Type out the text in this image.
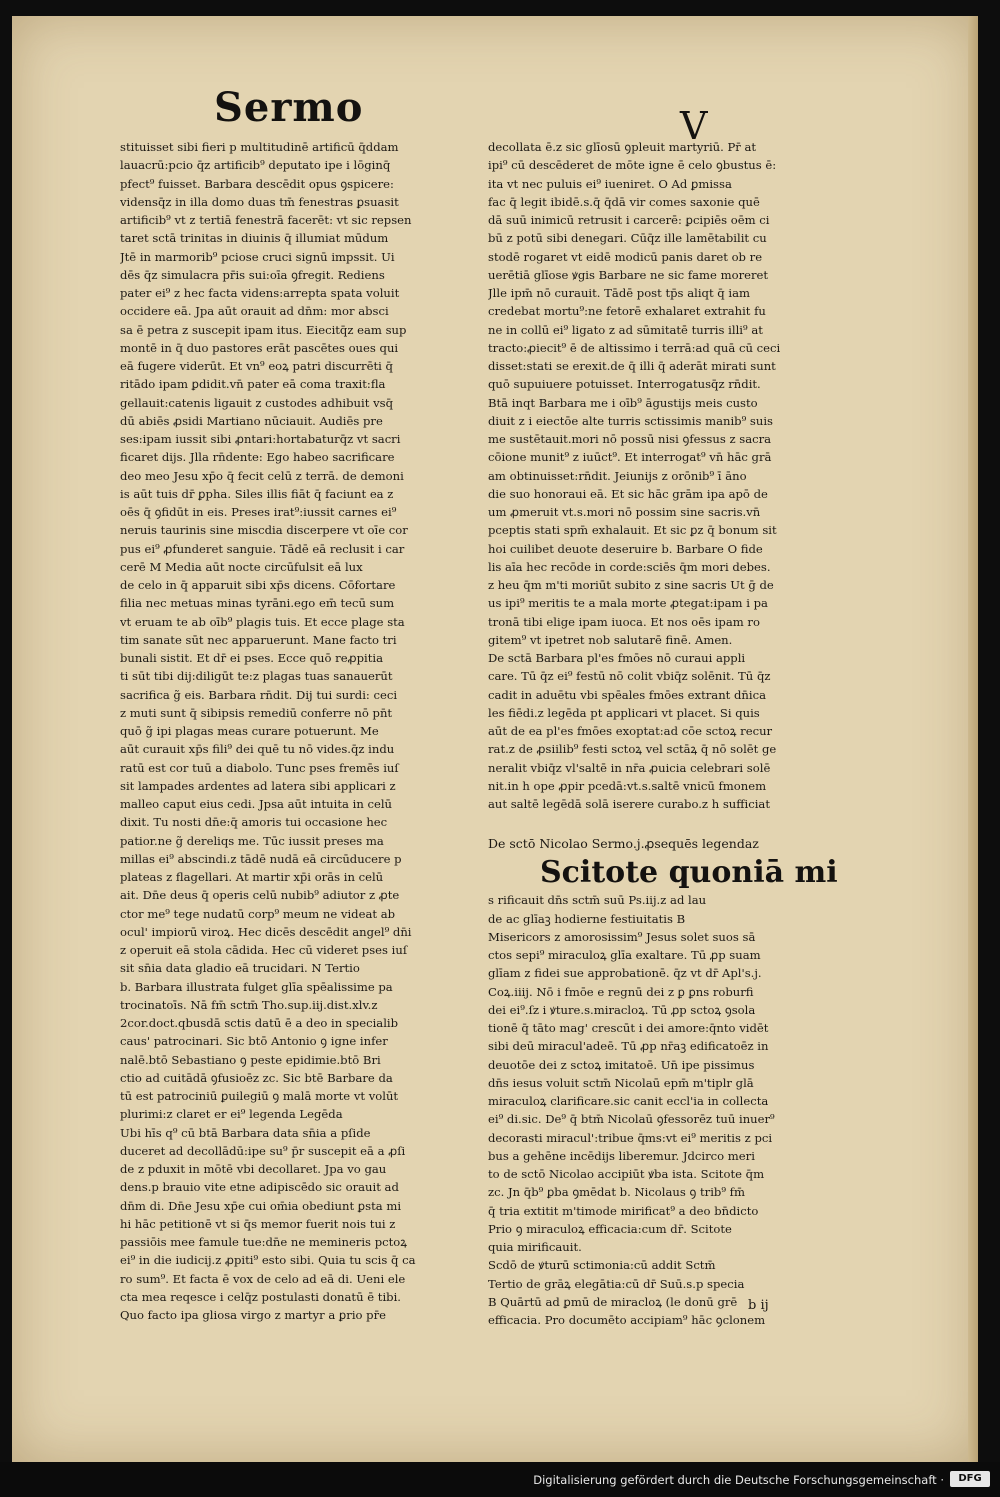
Sermo	V
stituisset sibi fieri p multitudinē artificū q̄ddam
lauacrū:pcio q̄z artificib⁹ deputato ipe i lōginq̄
pfect⁹ fuisset. Barbara descēdit opus ꝯspicere:
vidensq̄z in illa domo duas tm̄ fenestras ꝑsuasit
artificib⁹ vt z tertiā fenestrā facerēt: vt sic repsen
taret sctā trinitas in diuinis q̄ illumiat mūdum
Jtē in marmorib⁹ pciose cruci signū impssit. Ui
dēs q̄z simulacra pr̄is sui:oīa ꝯfregit. Rediens
pater ei⁹ z hec facta videns:arrepta spata voluit
occidere eā. Jpa aūt orauit ad dn̄m: mor absci
sa ē petra z suscepit ipam itus. Eiecitq̄z eam sup
montē in q̄ duo pastores erāt pascētes oues qui
eā fugere viderūt. Et vn⁹ eoꝝ patri discurrēti q̄
ritādo ipam ꝑdidit.vn̄ pater eā coma traxit:fla
gellauit:catenis ligauit z custodes adhibuit vsq̄
dū abiēs ꝓsidi Martiano nūciauit. Audiēs pre
ses:ipam iussit sibi ꝓntari:hortabaturq̄z vt sacri
ficaret dijs. Jlla rn̄dente: Ego habeo sacrificare
deo meo Jesu xp̄o q̄ fecit celū z terrā. de demoni
is aūt tuis dr̄ ꝑpha. Siles illis fiāt q̄ faciunt ea z
oēs q̄ ꝯfidūt in eis. Preses irat⁹:iussit carnes ei⁹
neruis taurinis sine miscdia discerpere vt oīe cor
pus ei⁹ ꝓfunderet sanguie. Tādē eā reclusit i car
cerē M Media aūt nocte circūfulsit eā lux
de celo in q̄ apparuit sibi xp̄s dicens. Cōfortare
filia nec metuas minas tyrāni.ego em̄ tecū sum
vt eruam te ab oīb⁹ plagis tuis. Et ecce plage sta
tim sanate sūt nec apparuerunt. Mane facto tri
bunali sistit. Et dr̄ ei pses. Ecce quō reꝓpitia
ti sūt tibi dij:diligūt te:z plagas tuas sanauerūt
sacrifica g̃ eis. Barbara rn̄dit. Dij tui surdi: ceci
z muti sunt q̄ sibipsis remediū conferre nō pn̄t
quō g̃ ipi plagas meas curare potuerunt. Me
aūt curauit xp̄s fili⁹ dei quē tu nō vides.q̄z indu
ratū est cor tuū a diabolo. Tunc pses fremēs iuſ
sit lampades ardentes ad latera sibi applicari z
malleo caput eius cedi. Jpsa aūt intuita in celū
dixit. Tu nosti dn̄e:q̄ amoris tui occasione hec
patior.ne g̃ dereliqs me. Tūc iussit preses ma
millas ei⁹ abscindi.z tādē nudā eā circūducere p
plateas z flagellari. At martir xp̄i orās in celū
ait. Dn̄e deus q̄ operis celū nubib⁹ adiutor z ꝓte
ctor me⁹ tege nudatū corp⁹ meum ne videat ab
ocul' impiorū viroꝝ. Hec dicēs descēdit angel⁹ dn̄i
z operuit eā stola cādida. Hec cū videret pses iuſ
sit sn̄ia data gladio eā trucidari. N Tertio
b. Barbara illustrata fulget glīa spēalissime pa
trocinatoīs. Nā fm̄ sctm̄ Tho.sup.iij.dist.xlv.z
2cor.doct.qbusdā sctis datū ē a deo in specialib
caus' patrocinari. Sic btō Antonio ꝯ igne infer
nalē.btō Sebastiano ꝯ peste epidimie.btō Bri
ctio ad cuitādā ꝯfusioēz zc. Sic btē Barbare da
tū est patrociniū ꝑuilegiū ꝯ malā morte vt volūt
plurimi:z claret er ei⁹ legenda Legēda
Ubi hīs q⁹ cū btā Barbara data sn̄ia a pſide
duceret ad decollādū:ipe su⁹ p̄r suscepit eā a ꝓſi
de z pduxit in mōtē vbi decollaret. Jpa vo gau
dens.p brauio vite etne adipiscēdo sic orauit ad
dn̄m di. Dn̄e Jesu xp̄e cui om̄ia obediunt ꝑsta mi
hi hāc petitionē vt si q̄s memor fuerit nois tui z
passiōis mee famule tue:dn̄e ne memineris pctoꝝ
ei⁹ in die iudicij.z ꝓpiti⁹ esto sibi. Quia tu scis q̄ ca
ro sum⁹. Et facta ē vox de celo ad eā di. Ueni ele
cta mea reqesce i celq̄z postulasti donatū ē tibi.
Quo facto ipa gliosa virgo z martyr a ꝑrio pr̄e
decollata ē.z sic glīosū ꝯpleuit martyriū. Pr̄ at
ipi⁹ cū descēderet de mōte igne ē celo ꝯbustus ē:
ita vt nec puluis ei⁹ iueniret. O Ad ꝑmissa
fac q̄ legit ibidē.s.q̄ q̄dā vir comes saxonie quē
dā suū inimicū retrusit i carcerē: ꝑcipiēs oēm ci
bū z potū sibi denegari. Cūq̄z ille lamētabilit cu
stodē rogaret vt eidē modicū panis daret ob re
uerētiā glīose ꝟgis Barbare ne sic fame moreret
Jlle ipm̄ nō curauit. Tādē post tp̄s aliqt q̄ iam
credebat mortu⁹:ne fetorē exhalaret extrahit fu
ne in collū ei⁹ ligato z ad sūmitatē turris illi⁹ at
tracto:ꝓiecit⁹ ē de altissimo i terrā:ad quā cū ceci
disset:stati se erexit.de q̄ illi q̄ aderāt mirati sunt
quō supuiuere potuisset. Interrogatusq̄z rn̄dit.
Btā inqt Barbara me i oīb⁹ āgustijs meis custo
diuit z i eiectōe alte turris sctissimis manib⁹ suis
me sustētauit.mori nō possū nisi ꝯfessus z sacra
cōione munit⁹ z iuūct⁹. Et interrogat⁹ vn̄ hāc grā
am obtinuisset:rn̄dit. Jeiunijs z orōnib⁹ ī āno
die suo honoraui eā. Et sic hāc grām ipa apō de
um ꝓmeruit vt.s.mori nō possim sine sacris.vn̄
pceptis stati spm̄ exhalauit. Et sic ꝑz q̄ bonum sit
hoi cuilibet deuote deseruire b. Barbare O fide
lis aīa hec recōde in corde:sciēs q̄m mori debes.
z heu q̄m m'ti moriūt subito z sine sacris Ut ḡ de
us ipi⁹ meritis te a mala morte ꝓtegat:ipam i pa
tronā tibi elige ipam iuoca. Et nos oēs ipam ro
gitem⁹ vt ipetret nob salutarē finē. Amen.
De sctā Barbara pl'es fmōes nō curaui appli
care. Tū q̄z ei⁹ festū nō colit vbiq̄z solēnit. Tū q̄z
cadit in aduētu vbi spēales fmōes extrant dn̄ica
les fiēdi.z legēda pt applicari vt placet. Si quis
aūt de ea pl'es fmōes exoptat:ad cōe sctoꝝ recur
rat.z de ꝓsiilib⁹ festi sctoꝝ vel sctāꝝ q̄ nō solēt ge
neralit vbiq̄z vl'saltē in nr̄a ꝓuicia celebrari solē
nit.in h ope ꝓpir pcedā:vt.s.saltē vnicū fmonem
aut saltē legēdā solā iserere curabo.z h sufficiat
De sctō Nicolao Sermo.j.ꝓsequēs legendaz
Scitote quoniā mi
s rificauit dn̄s sctm̄ suū Ps.iij.z ad lau
de ac glīaꝫ hodierne festiuitatis B
Misericors z amorosissim⁹ Jesus solet suos sā
ctos sepi⁹ miraculoꝝ glīa exaltare. Tū ꝓp suam
glīam z fidei sue approbationē. q̄z vt dr̄ Apl's.j.
Coꝝ.iiij. Nō i fmōe e regnū dei z ꝑ ꝑns roburfi
dei ei⁹.ſz i ꝟture.s.miracloꝝ. Tū ꝓp sctoꝝ ꝯsola
tionē q̄ tāto mag' crescūt i dei amore:q̄nto vidēt
sibi deū miracul'adeē. Tū ꝓp nr̄aꝫ edificatoēz in
deuotōe dei z sctoꝝ imitatoē. Un̄ ipe pissimus
dn̄s iesus voluit sctm̄ Nicolaū epm̄ m'tiplr glā
miraculoꝝ clarificare.sic canit eccl'ia in collecta
ei⁹ di.sic. De⁹ q̄ btm̄ Nicolaū ꝯfessorēz tuū inuer⁹
decorasti miracul':tribue q̄ms:vt ei⁹ meritis z pci
bus a gehēne incēdijs liberemur. Jdcirco meri
to de sctō Nicolao accipiūt ꝟba ista. Scitote q̄m
zc. Jn q̄b⁹ ꝑba ꝯmēdat b. Nicolaus ꝯ trib⁹ fm̄
q̄ tria extitit m'timode mirificat⁹ a deo bn̄dicto
Prio ꝯ miraculoꝝ efficacia:cum dr̄. Scitote
quia mirificauit.
Scdō de ꝟturū sctimonia:cū addit Sctm̄
Tertio de grāꝝ elegātia:cū dr̄ Suū.s.p specia
B Quārtū ad ꝑmū de miracloꝝ (le donū grē
efficacia. Pro documēto accipiam⁹ hāc ꝯclonem
b ij
Digitalisierung gefördert durch die Deutsche Forschungsgemeinschaft ·	DFG
